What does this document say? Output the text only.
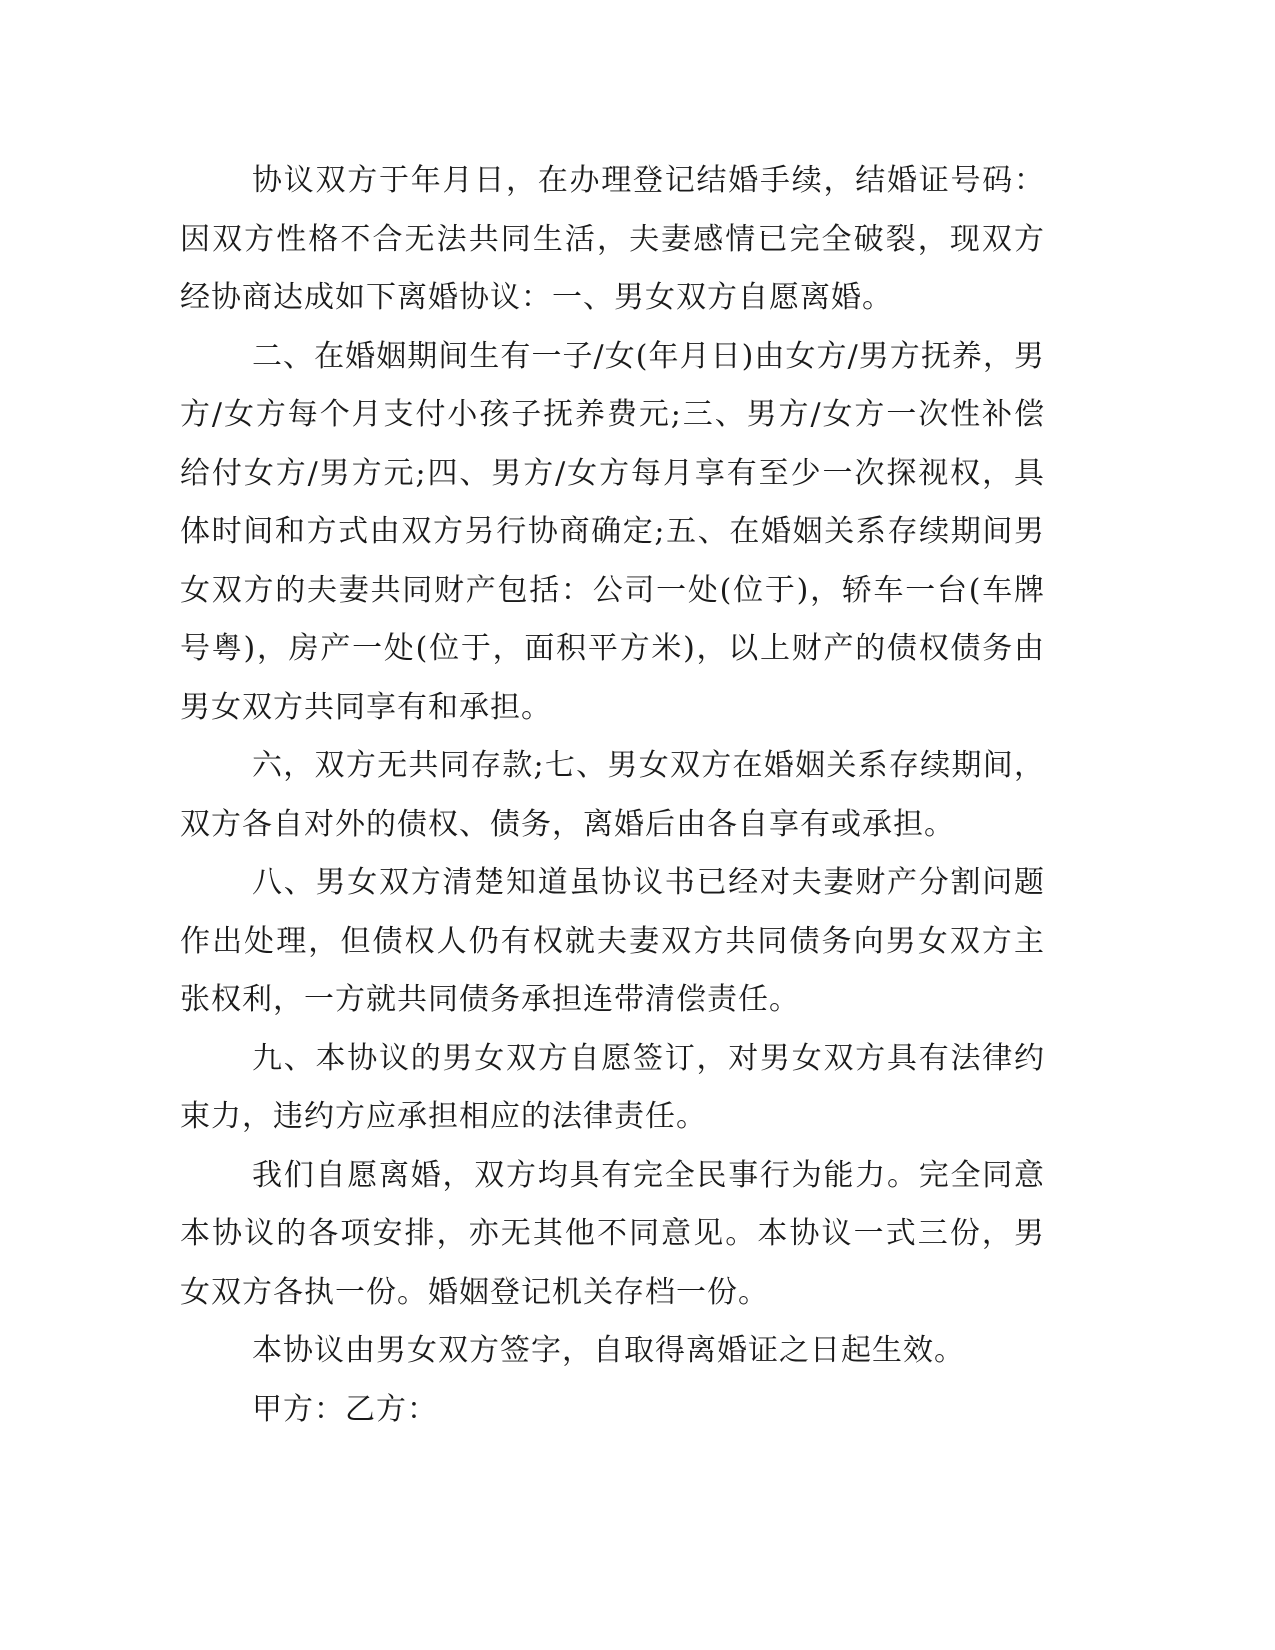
协议双方于年月日，在办理登记结婚手续，结婚证号码：因双方性格不合无法共同生活，夫妻感情已完全破裂，现双方经协商达成如下离婚协议：一、男女双方自愿离婚。

二、在婚姻期间生有一子/女(年月日)由女方/男方抚养，男方/女方每个月支付小孩子抚养费元;三、男方/女方一次性补偿给付女方/男方元;四、男方/女方每月享有至少一次探视权，具体时间和方式由双方另行协商确定;五、在婚姻关系存续期间男女双方的夫妻共同财产包括：公司一处(位于)，轿车一台(车牌号粤)，房产一处(位于，面积平方米)，以上财产的债权债务由男女双方共同享有和承担。

六，双方无共同存款;七、男女双方在婚姻关系存续期间，双方各自对外的债权、债务，离婚后由各自享有或承担。

八、男女双方清楚知道虽协议书已经对夫妻财产分割问题作出处理，但债权人仍有权就夫妻双方共同债务向男女双方主张权利，一方就共同债务承担连带清偿责任。

九、本协议的男女双方自愿签订，对男女双方具有法律约束力，违约方应承担相应的法律责任。

我们自愿离婚，双方均具有完全民事行为能力。完全同意本协议的各项安排，亦无其他不同意见。本协议一式三份，男女双方各执一份。婚姻登记机关存档一份。

本协议由男女双方签字，自取得离婚证之日起生效。

甲方：乙方：
